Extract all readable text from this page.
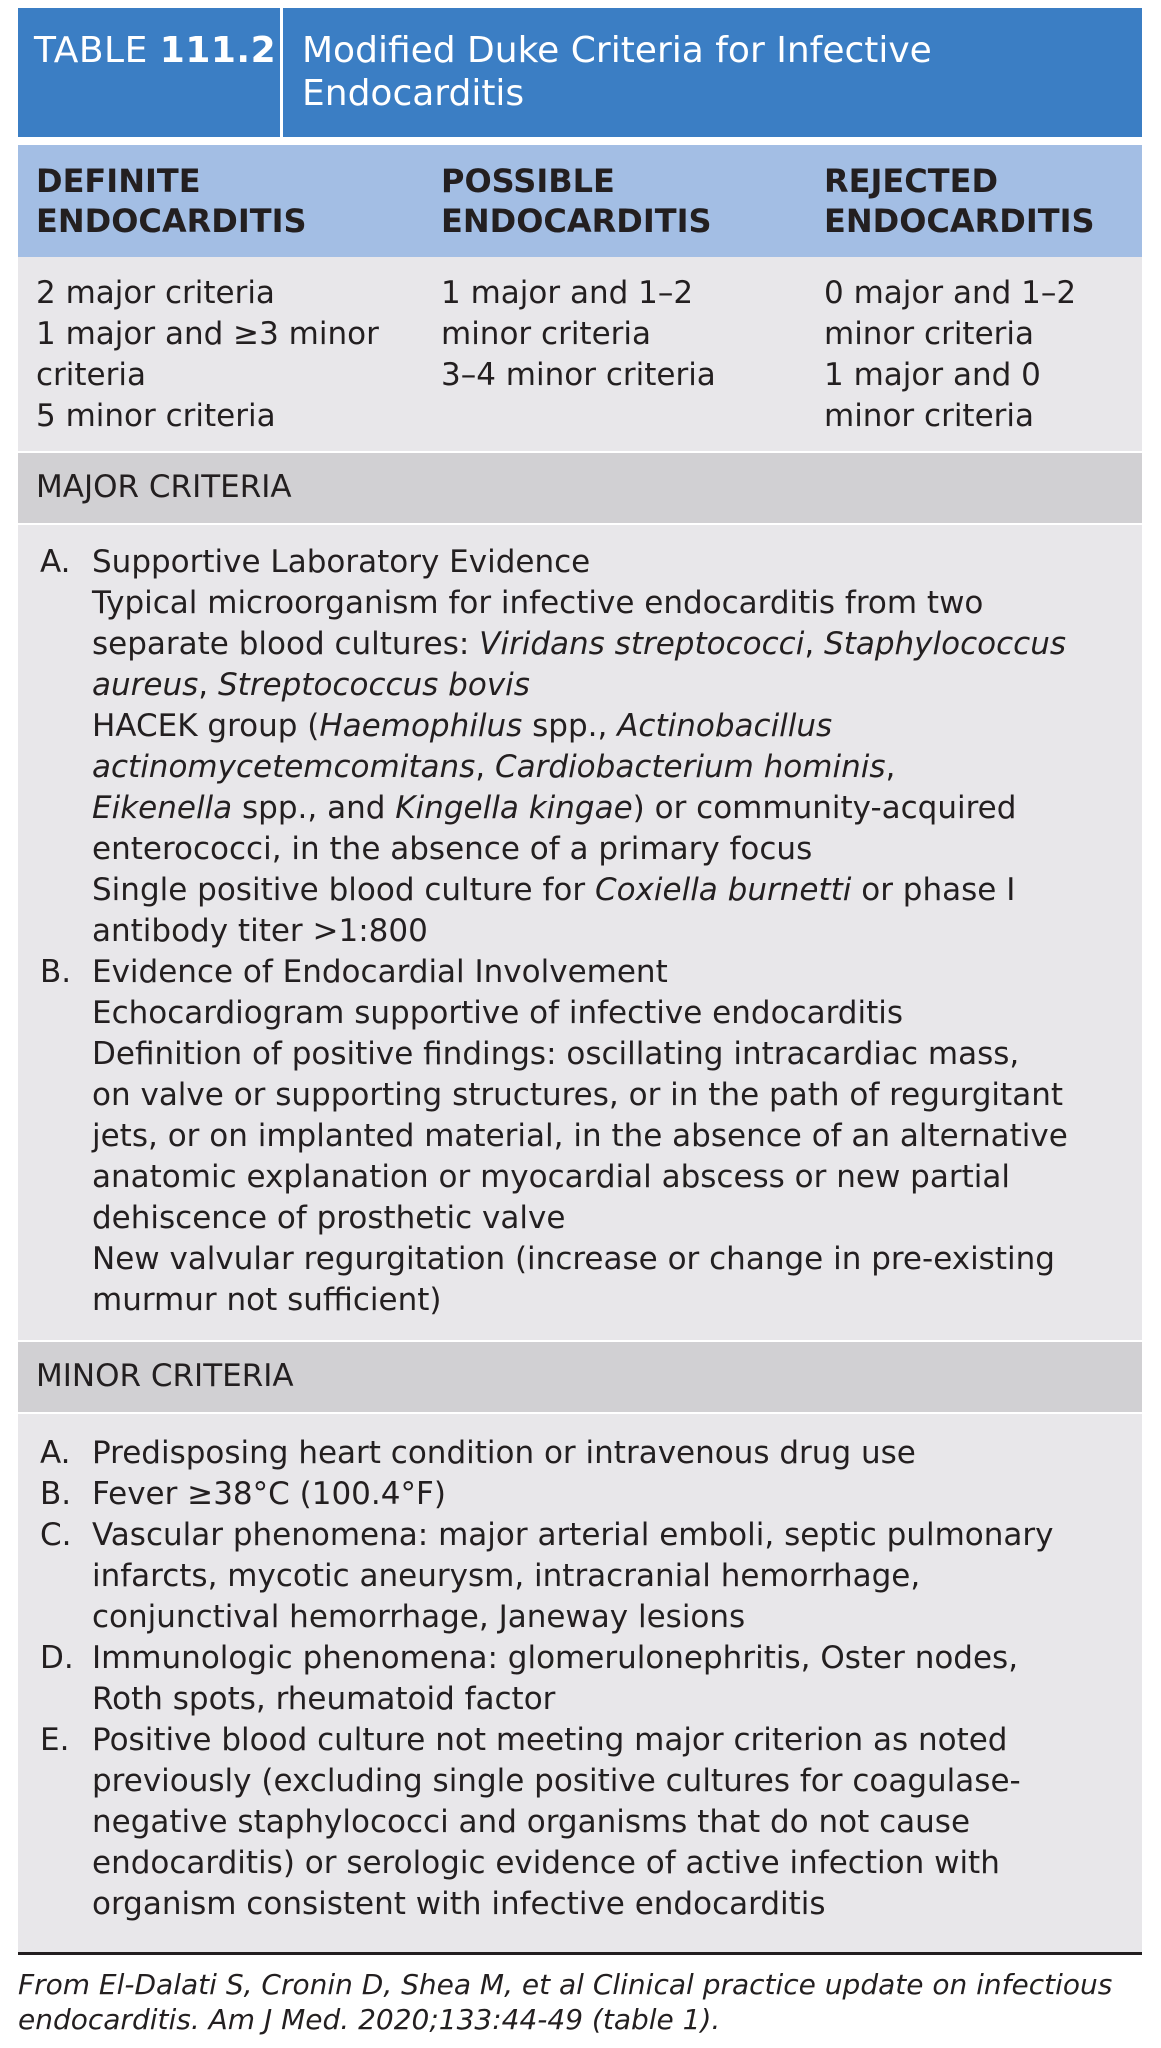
TABLE 111.2 Modified Duke Criteria for Infective
Endocarditis
DEFINITE
ENDOCARDITIS
POSSIBLE
ENDOCARDITIS
REJECTED
ENDOCARDITIS
2 major criteria
1 major and ≥3 minor
criteria
5 minor criteria
1 major and 1–2
minor criteria
3–4 minor criteria
0 major and 1–2
minor criteria
1 major and 0
minor criteria
MAJOR CRITERIA
A. Supportive Laboratory Evidence
Typical microorganism for infective endocarditis from two
separate blood cultures: Viridans streptococci, Staphylococcus
aureus, Streptococcus bovis
HACEK group (Haemophilus spp., Actinobacillus
actinomycetemcomitans, Cardiobacterium hominis,
Eikenella spp., and Kingella kingae) or community-acquired
enterococci, in the absence of a primary focus
Single positive blood culture for Coxiella burnetti or phase I
antibody titer >1:800
B. Evidence of Endocardial Involvement
Echocardiogram supportive of infective endocarditis
Definition of positive findings: oscillating intracardiac mass,
on valve or supporting structures, or in the path of regurgitant
jets, or on implanted material, in the absence of an alternative
anatomic explanation or myocardial abscess or new partial
dehiscence of prosthetic valve
New valvular regurgitation (increase or change in pre-existing
murmur not sufficient)
MINOR CRITERIA
A. Predisposing heart condition or intravenous drug use
B. Fever ≥38°C (100.4°F)
C. Vascular phenomena: major arterial emboli, septic pulmonary
infarcts, mycotic aneurysm, intracranial hemorrhage,
conjunctival hemorrhage, Janeway lesions
D. Immunologic phenomena: glomerulonephritis, Oster nodes,
Roth spots, rheumatoid factor
E. Positive blood culture not meeting major criterion as noted
previously (excluding single positive cultures for coagulase-
negative staphylococci and organisms that do not cause
endocarditis) or serologic evidence of active infection with
organism consistent with infective endocarditis
From El-Dalati S, Cronin D, Shea M, et al Clinical practice update on infectious
endocarditis. Am J Med. 2020;133:44-49 (table 1).
